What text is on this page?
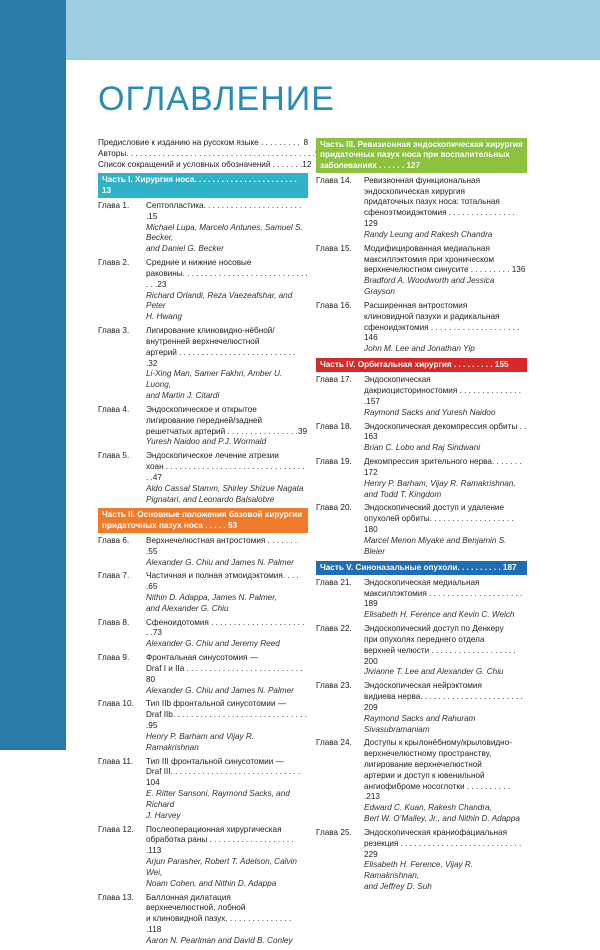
ОГЛАВЛЕНИЕ
Предисловие к изданию на русском языке . . . . . . . . . 8
Авторы. . . . . . . . . . . . . . . . . . . . . . . . . . . . . . . . . . . . . . . . . .
Список сокращений и условных обозначений . . . . . . . 12
Часть I. Хирургия носа. . . . . . . . . . . . . . . . . . . . . . . 13
Глава 1.	Септопластика. . . . . . . . . . . . . . . . . . . . . . .15
Michael Lupa, Marcelo Antunes, Samuel S. Becker,
and Daniel G. Becker
Глава 2.	Средние и нижние носовые
раковины. . . . . . . . . . . . . . . . . . . . . . . . . . . . . . .23
Richard Orlandi, Reza Vaezeafshar, and Peter
H. Hwang
Глава 3.	Лигирование клиновидно-нёбной/
внутренней верхнечелюстной
артерий . . . . . . . . . . . . . . . . . . . . . . . . . . .32
Li-Xing Man, Samer Fakhri, Amber U. Luong,
and Martin J. Citardi
Глава 4.	Эндоскопическое и открытое
лигирование передней/задней
решетчатых артерий . . . . . . . . . . . . . . . .39
Yuresh Naidoo and P.J. Wormald
Глава 5.	Эндоскопическое лечение атрезии
хоан . . . . . . . . . . . . . . . . . . . . . . . . . . . . . . . . .47
Aldo Cassal Stamm, Shirley Shizue Nagata
Pignatari, and Leonardo Balsalobre
Часть II. Основные положения базовой хирургии придаточных пазух носа . . . . . 53
Глава 6.	Верхнечелюстная антростомия . . . . . . . .55
Alexander G. Chiu and James N. Palmer
Глава 7.	Частичная и полная этмоидэктомия. . . . .65
Nithin D. Adappa, James N. Palmer,
and Alexander G. Chiu
Глава 8.	Сфеноидотомия . . . . . . . . . . . . . . . . . . . . . . .73
Alexander G. Chiu and Jeremy Reed
Глава 9.	Фронтальная синусотомия —
Draf I и IIa . . . . . . . . . . . . . . . . . . . . . . . . . . 80
Alexander G. Chiu and James N. Palmer
Глава 10.	Тип IIb фронтальной синусотомии —
Draf IIb. . . . . . . . . . . . . . . . . . . . . . . . . . . . . . .95
Henry P. Barham and Vijay R. Ramakrishnan
Глава 11.	Тип III фронтальной синусотомии —
Draf III. . . . . . . . . . . . . . . . . . . . . . . . . . . . . 104
E. Ritter Sansoni, Raymond Sacks, and Richard
J. Harvey
Глава 12.	Послеоперационная хирургическая
обработка раны . . . . . . . . . . . . . . . . . . . .113
Arjun Parasher, Robert T. Adelson, Calvin Wei,
Noam Cohen, and Nithin D. Adappa
Глава 13.	Баллонная дилатация
верхнечелюстной, лобной
и клиновидной пазух. . . . . . . . . . . . . . . .118
Aaron N. Pearlman and David B. Conley
Часть III. Ревизионная эндоскопическая хирургия придаточных пазух носа при воспалительных заболеваниях . . . . . . 127
Глава 14.	Ревизионная функциональная
эндоскопическая хирургия
придаточных пазух носа: тотальная
сфеноэтмоидэктомия . . . . . . . . . . . . . . . 129
Randy Leung and Rakesh Chandra
Глава 15.	Модифицированная медиальная
максиллэктомия при хроническом
верхнечелюстном синусите . . . . . . . . . 136
Bradford A. Woodworth and Jessica Grayson
Глава 16.	Расширенная антростомия
клиновидной пазухи и радикальная
сфеноидэктомия . . . . . . . . . . . . . . . . . . . . 146
John M. Lee and Jonathan Yip
Часть IV. Орбитальная хирургия . . . . . . . . . 155
Глава 17.	Эндоскопическая
дакриоцисториностомия . . . . . . . . . . . . . . .157
Raymond Sacks and Yuresh Naidoo
Глава 18.	Эндоскопическая декомпрессия орбиты . . 163
Brian C. Lobo and Raj Sindwani
Глава 19.	Декомпрессия зрительного нерва. . . . . . . 172
Henry P. Barham, Vijay R. Ramakrishnan,
and Todd T. Kingdom
Глава 20.	Эндоскопический доступ и удаление
опухолей орбиты. . . . . . . . . . . . . . . . . . . 180
Marcel Menon Miyake and Benjamin S. Bleier
Часть V. Синоназальные опухоли. . . . . . . . . . 187
Глава 21.	Эндоскопическая медиальная
максиллэктомия . . . . . . . . . . . . . . . . . . . . . 189
Elisabeth H. Ference and Kevin C. Welch
Глава 22.	Эндоскопический доступ по Денкеру
при опухолях переднего отдела
верхней челюсти . . . . . . . . . . . . . . . . . . . 200
Jivianne T. Lee and Alexander G. Chiu
Глава 23.	Эндоскопическая нейрэктомия
видиева нерва. . . . . . . . . . . . . . . . . . . . . . . 209
Raymond Sacks and Rahuram Sivasubramaniam
Глава 24.	Доступы к крылонёбному/крыловидно-
верхнечелюстному пространству,
лигирование верхнечелюстной
артерии и доступ к ювенильной
ангиофиброме носоглотки . . . . . . . . . . .213
Edward C. Kuan, Rakesh Chandra,
Bert W. O’Malley, Jr., and Nithin D. Adappa
Глава 25.	Эндоскопическая краниофациальная
резекция . . . . . . . . . . . . . . . . . . . . . . . . . . . 229
Elisabeth H. Ference, Vijay R. Ramakrishnan,
and Jeffrey D. Suh
